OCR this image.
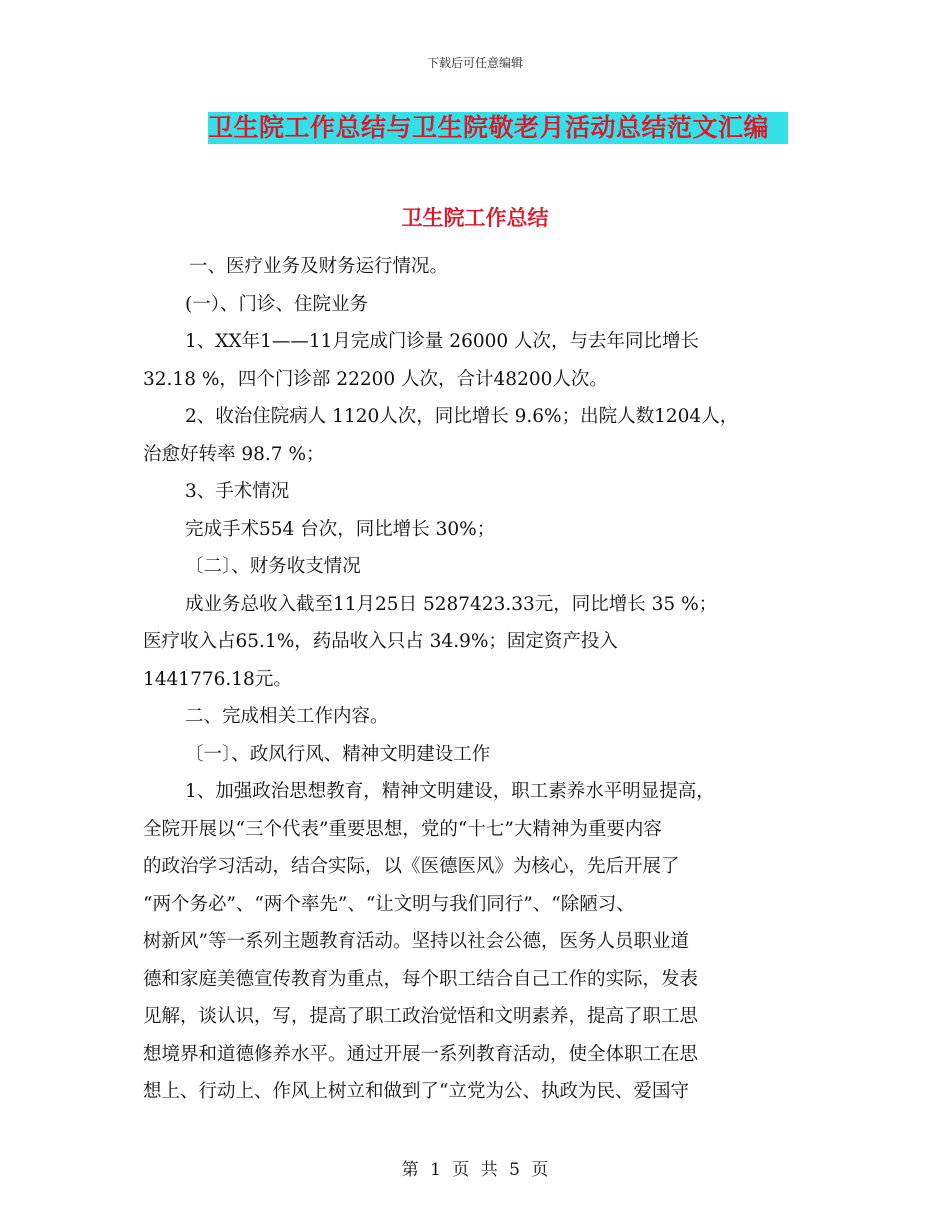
下载后可任意编辑
卫生院工作总结与卫生院敬老月活动总结范文汇编
卫生院工作总结

一、医疗业务及财务运行情况。

(一）、门诊、住院业务

1、XX年1——11月完成门诊量 26000 人次，与去年同比增长

32.18 %，四个门诊部 22200 人次，合计48200人次。

2、收治住院病人 1120人次，同比增长 9.6%；出院人数1204人，

治愈好转率 98.7 %；

3、手术情况

完成手术554 台次，同比增长 30%；

〔二〕、财务收支情况

成业务总收入截至11月25日 5287423.33元，同比增长 35 %；

医疗收入占65.1%，药品收入只占 34.9%；固定资产投入

1441776.18元。

二、完成相关工作内容。

〔一〕、政风行风、精神文明建设工作

1、加强政治思想教育，精神文明建设，职工素养水平明显提高，

全院开展以“三个代表”重要思想，党的“十七”大精神为重要内容

的政治学习活动，结合实际，以《医德医风》为核心，先后开展了

“两个务必”、“两个率先”、“让文明与我们同行”、“除陋习、

树新风”等一系列主题教育活动。坚持以社会公德，医务人员职业道

德和家庭美德宣传教育为重点，每个职工结合自己工作的实际，发表

见解，谈认识，写，提高了职工政治觉悟和文明素养，提高了职工思

想境界和道德修养水平。通过开展一系列教育活动，使全体职工在思

想上、行动上、作风上树立和做到了“立党为公、执政为民、爱国守

第 1 页 共 5 页
